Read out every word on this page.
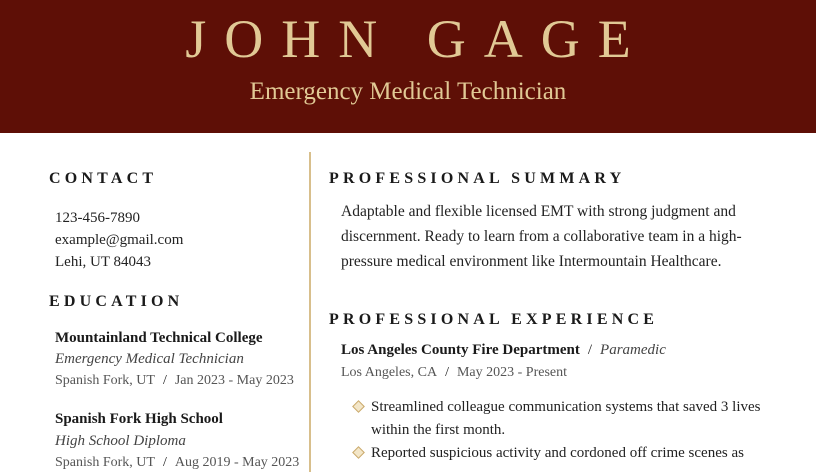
JOHN GAGE
Emergency Medical Technician
CONTACT
123-456-7890
example@gmail.com
Lehi, UT 84043
EDUCATION
Mountainland Technical College
Emergency Medical Technician
Spanish Fork, UT / Jan 2023 - May 2023
Spanish Fork High School
High School Diploma
Spanish Fork, UT / Aug 2019 - May 2023
PROFESSIONAL SUMMARY
Adaptable and flexible licensed EMT with strong judgment and discernment. Ready to learn from a collaborative team in a high-pressure medical environment like Intermountain Healthcare.
PROFESSIONAL EXPERIENCE
Los Angeles County Fire Department / Paramedic
Los Angeles, CA / May 2023 - Present
Streamlined colleague communication systems that saved 3 lives within the first month.
Reported suspicious activity and cordoned off crime scenes as
